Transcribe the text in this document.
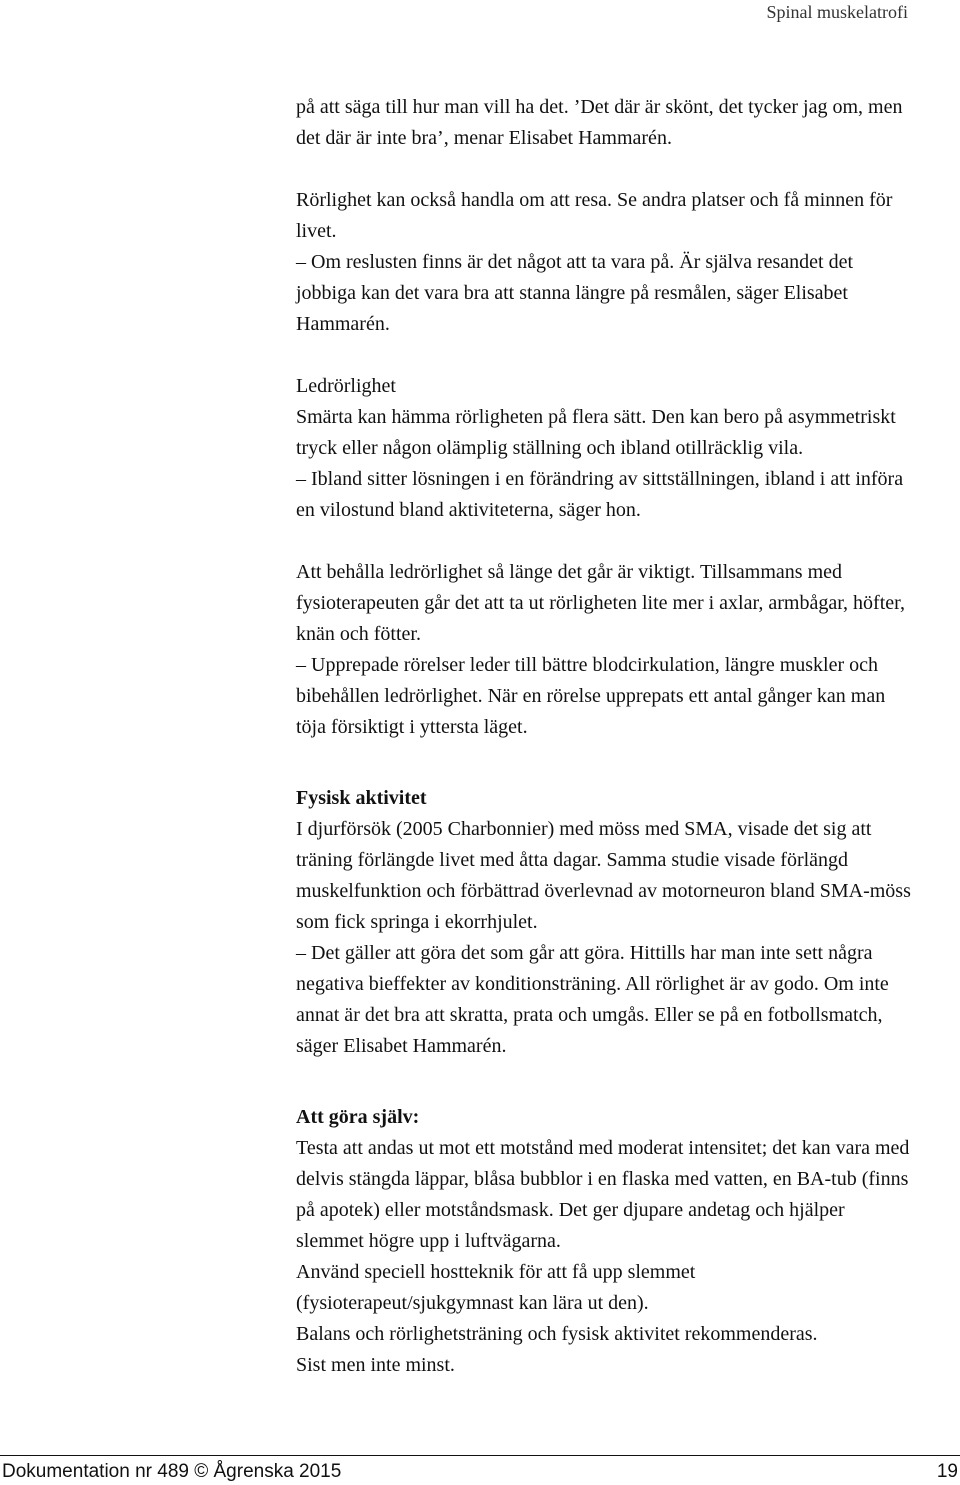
Spinal muskelatrofi

på att säga till hur man vill ha det. ’Det där är skönt, det tycker jag om, men det där är inte bra’, menar Elisabet Hammarén.

Rörlighet kan också handla om att resa. Se andra platser och få minnen för livet.

– Om reslusten finns är det något att ta vara på. Är själva resandet det jobbiga kan det vara bra att stanna längre på resmålen, säger Elisabet Hammarén.

Ledrörlighet

Smärta kan hämma rörligheten på flera sätt. Den kan bero på asymmetriskt tryck eller någon olämplig ställning och ibland otillräcklig vila.

– Ibland sitter lösningen i en förändring av sittställningen, ibland i att införa en vilostund bland aktiviteterna, säger hon.

Att behålla ledrörlighet så länge det går är viktigt. Tillsammans med fysioterapeuten går det att ta ut rörligheten lite mer i axlar, armbågar, höfter, knän och fötter.

– Upprepade rörelser leder till bättre blodcirkulation, längre muskler och bibehållen ledrörlighet. När en rörelse upprepats ett antal gånger kan man töja försiktigt i yttersta läget.

Fysisk aktivitet

I djurförsök (2005 Charbonnier) med möss med SMA, visade det sig att träning förlängde livet med åtta dagar. Samma studie visade förlängd muskelfunktion och förbättrad överlevnad av motorneuron bland SMA-möss som fick springa i ekorrhjulet.

– Det gäller att göra det som går att göra. Hittills har man inte sett några negativa bieffekter av konditionsträning. All rörlighet är av godo. Om inte annat är det bra att skratta, prata och umgås. Eller se på en fotbollsmatch, säger Elisabet Hammarén.

Att göra själv:

Testa att andas ut mot ett motstånd med moderat intensitet; det kan vara med delvis stängda läppar, blåsa bubblor i en flaska med vatten, en BA-tub (finns på apotek) eller motståndsmask. Det ger djupare andetag och hjälper slemmet högre upp i luftvägarna.

Använd speciell hostteknik för att få upp slemmet (fysioterapeut/sjukgymnast kan lära ut den).

Balans och rörlighetsträning och fysisk aktivitet rekommenderas.

Sist men inte minst.

Dokumentation nr 489 © Ågrenska 2015	19
